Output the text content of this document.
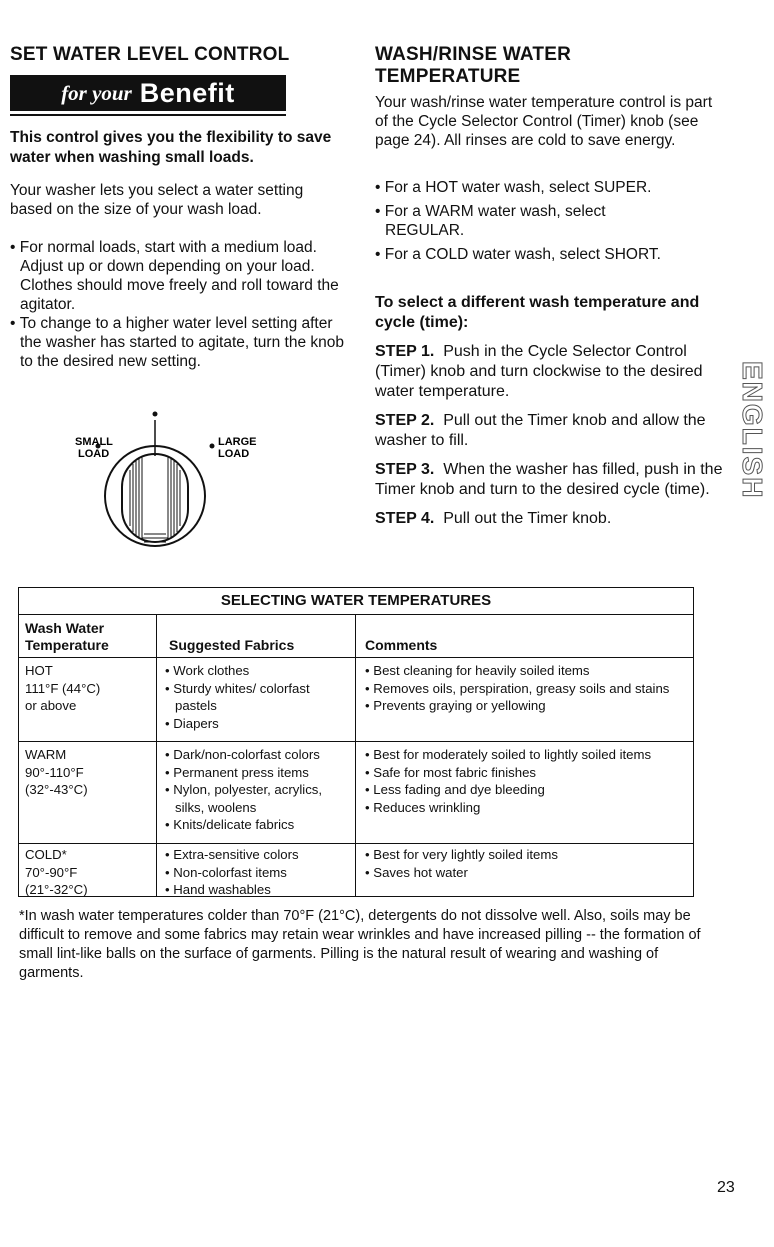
SET WATER LEVEL CONTROL
for your Benefit

This control gives you the flexibility to save water when washing small loads.

Your washer lets you select a water setting based on the size of your wash load.

• For normal loads, start with a medium load. Adjust up or down depending on your load. Clothes should move freely and roll toward the agitator.
• To change to a higher water level setting after the washer has started to agitate, turn the knob to the desired new setting.
SMALL
LOAD
LARGE
LOAD
WASH/RINSE WATER
TEMPERATURE

Your wash/rinse water temperature control is part of the Cycle Selector Control (Timer) knob (see page 24). All rinses are cold to save energy.

• For a HOT water wash, select SUPER.
• For a WARM water wash, select REGULAR.
• For a COLD water wash, select SHORT.

To select a different wash temperature and cycle (time):

STEP 1. Push in the Cycle Selector Control (Timer) knob and turn clockwise to the desired water temperature.

STEP 2. Pull out the Timer knob and allow the washer to fill.

STEP 3. When the washer has filled, push in the Timer knob and turn to the desired cycle (time).

STEP 4. Pull out the Timer knob.

ENGLISH
SELECTING WATER TEMPERATURES
Wash Water
Temperature	Suggested Fabrics	Comments
HOT
111°F (44°C)
or above
• Work clothes
• Sturdy whites/ colorfast pastels
• Diapers
• Best cleaning for heavily soiled items
• Removes oils, perspiration, greasy soils and stains
• Prevents graying or yellowing
WARM
90°-110°F
(32°-43°C)
• Dark/non-colorfast colors
• Permanent press items
• Nylon, polyester, acrylics, silks, woolens
• Knits/delicate fabrics
• Best for moderately soiled to lightly soiled items
• Safe for most fabric finishes
• Less fading and dye bleeding
• Reduces wrinkling
COLD*
70°-90°F
(21°-32°C)
• Extra-sensitive colors
• Non-colorfast items
• Hand washables
• Best for very lightly soiled items
• Saves hot water

*In wash water temperatures colder than 70°F (21°C), detergents do not dissolve well. Also, soils may be difficult to remove and some fabrics may retain wear wrinkles and have increased pilling -- the formation of small lint-like balls on the surface of garments. Pilling is the natural result of wearing and washing of garments.

23
